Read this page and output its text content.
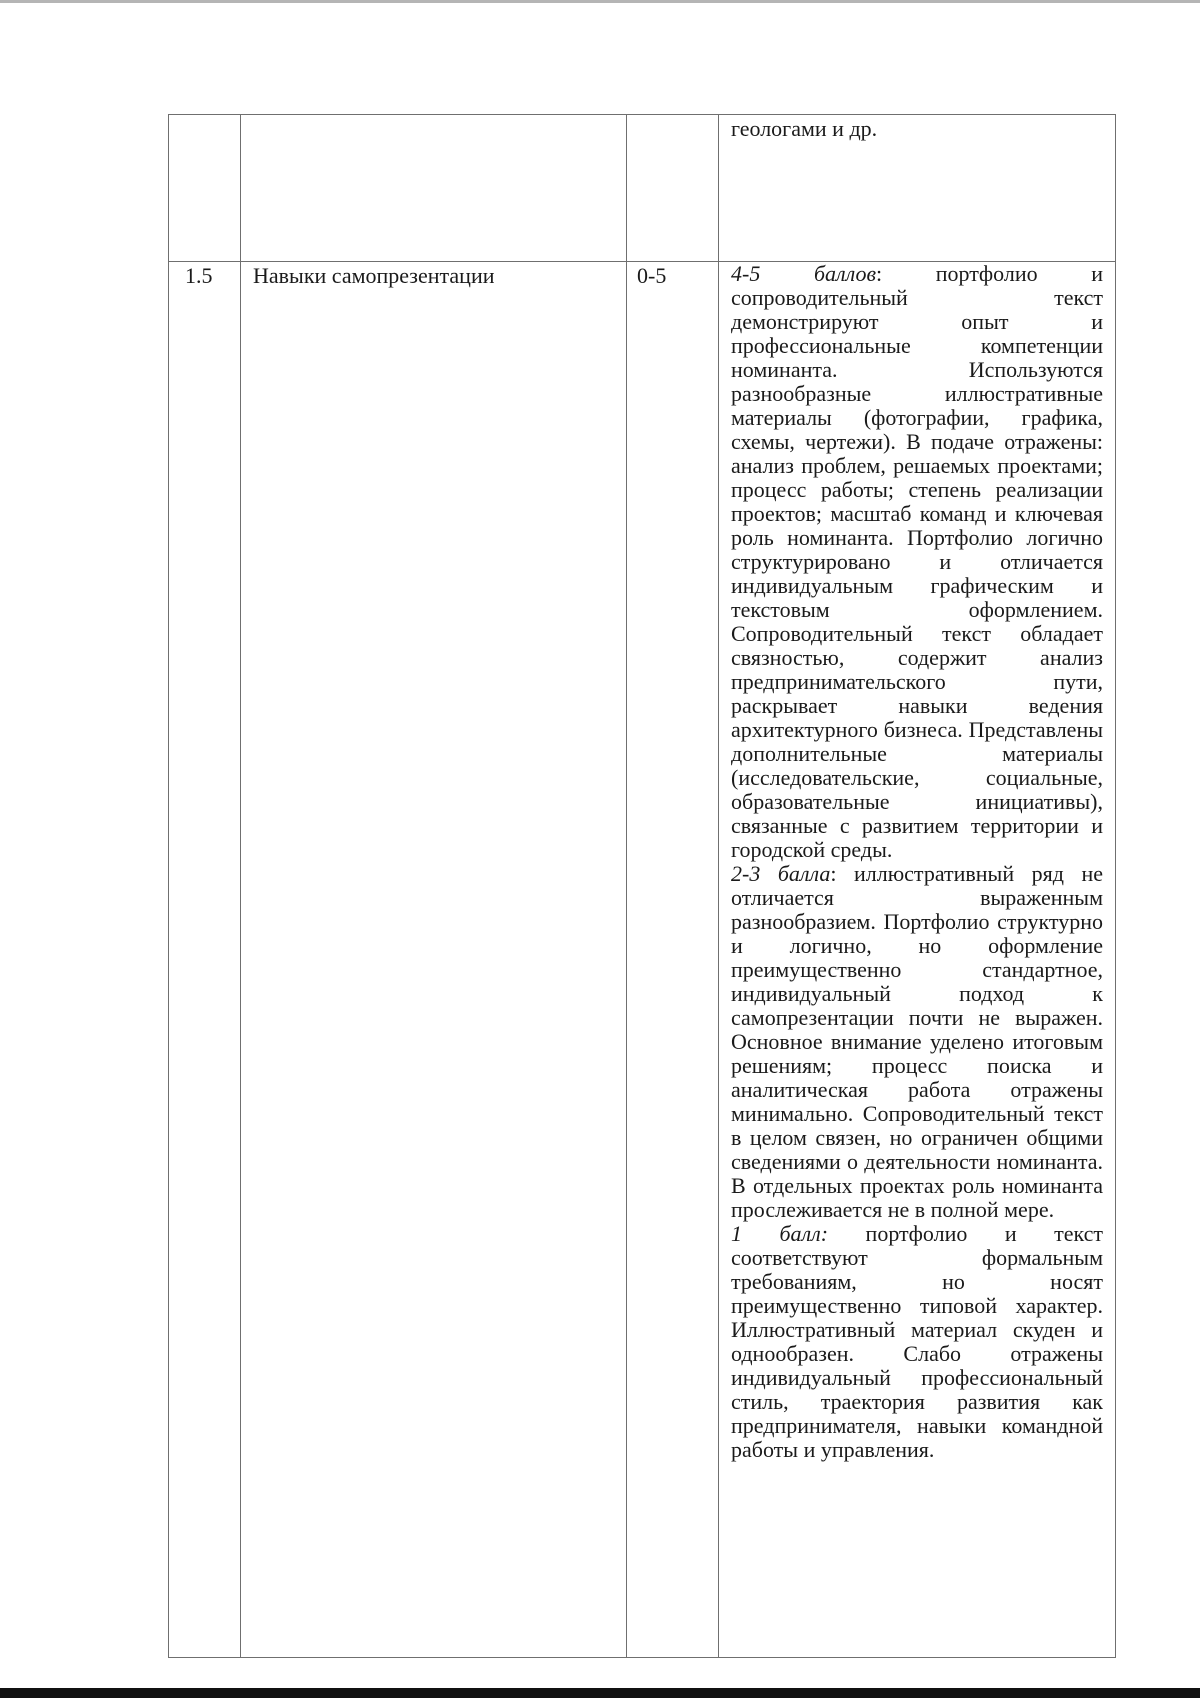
			геологами и др.

1.5	Навыки самопрезентации	0-5	4-5 баллов: портфолио и сопроводительный текст демонстрируют опыт и профессиональные компетенции номинанта. Используются разнообразные иллюстративные материалы (фотографии, графика, схемы, чертежи). В подаче отражены: анализ проблем, решаемых проектами; процесс работы; степень реализации проектов; масштаб команд и ключевая роль номинанта. Портфолио логично структурировано и отличается индивидуальным графическим и текстовым оформлением. Сопроводительный текст обладает связностью, содержит анализ предпринимательского пути, раскрывает навыки ведения архитектурного бизнеса. Представлены дополнительные материалы (исследовательские, социальные, образовательные инициативы), связанные с развитием территории и городской среды.

2-3 балла: иллюстративный ряд не отличается выраженным разнообразием. Портфолио структурно и логично, но оформление преимущественно стандартное, индивидуальный подход к самопрезентации почти не выражен. Основное внимание уделено итоговым решениям; процесс поиска и аналитическая работа отражены минимально. Сопроводительный текст в целом связен, но ограничен общими сведениями о деятельности номинанта. В отдельных проектах роль номинанта прослеживается не в полной мере.

1 балл: портфолио и текст соответствуют формальным требованиям, но носят преимущественно типовой характер. Иллюстративный материал скуден и однообразен. Слабо отражены индивидуальный профессиональный стиль, траектория развития как предпринимателя, навыки командной работы и управления.
